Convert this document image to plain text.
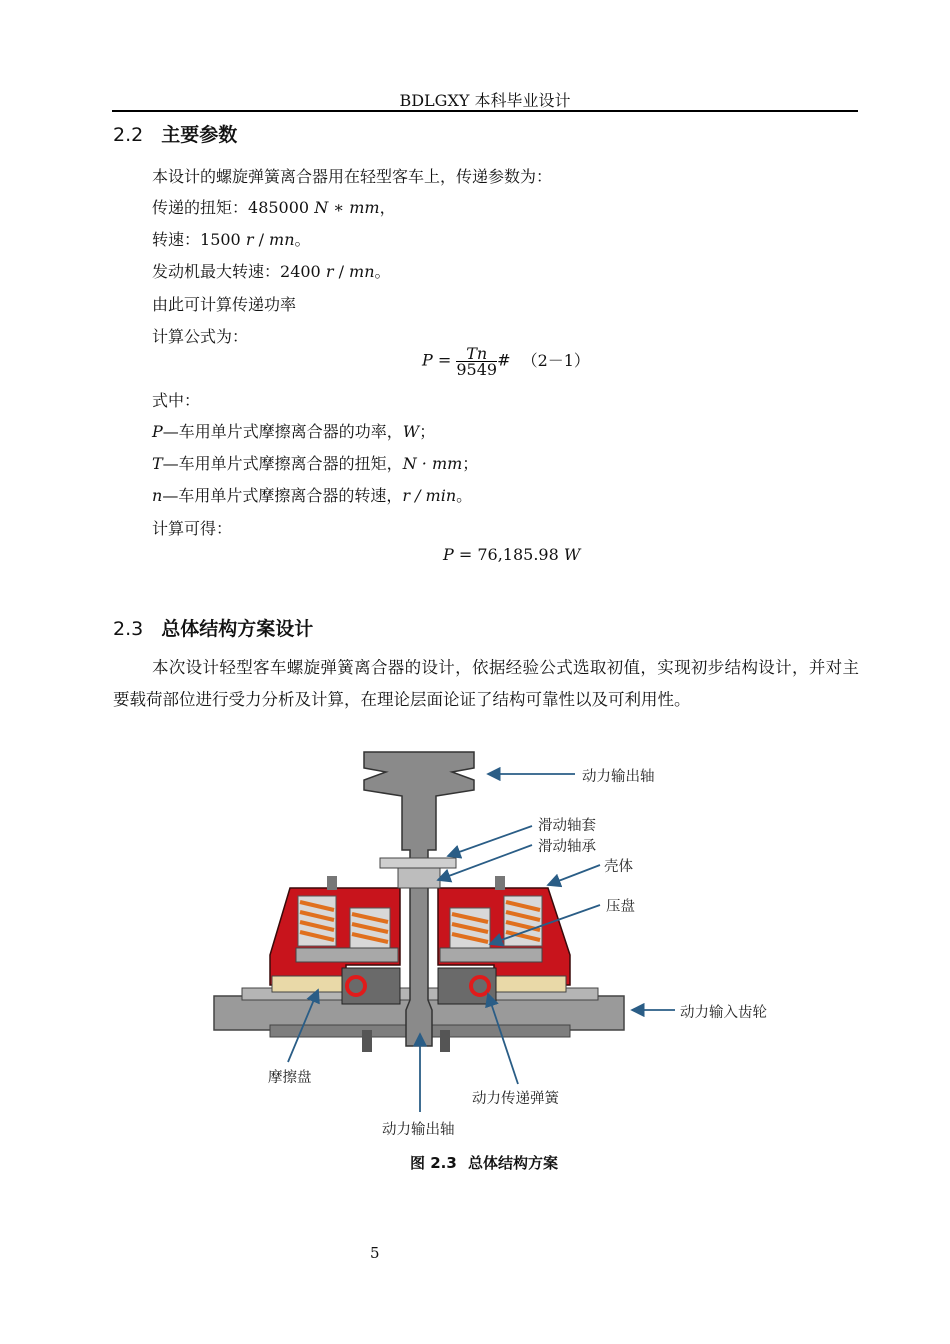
BDLGXY 本科毕业设计
2.2 主要参数
本设计的螺旋弹簧离合器用在轻型客车上，传递参数为：
传递的扭矩：485000 N ∗ mm，
转速：1500 r / mn。
发动机最大转速：2400 r / mn。
由此可计算传递功率
计算公式为：
$P = \frac{Tn}{9549}$ # （2－1）
式中：
P—车用单片式摩擦离合器的功率，W；
T—车用单片式摩擦离合器的扭矩，N · mm；
n—车用单片式摩擦离合器的转速，r / min。
计算可得：
P = 76,185.98 W
2.3 总体结构方案设计
本次设计轻型客车螺旋弹簧离合器的设计，依据经验公式选取初值，实现初步结构设计，并对主要载荷部位进行受力分析及计算，在理论层面论证了结构可靠性以及可利用性。
动力输出轴
滑动轴套
滑动轴承
壳体
压盘
动力输入齿轮
摩擦盘
动力传递弹簧
动力输出轴
图 2.3 总体结构方案
5
